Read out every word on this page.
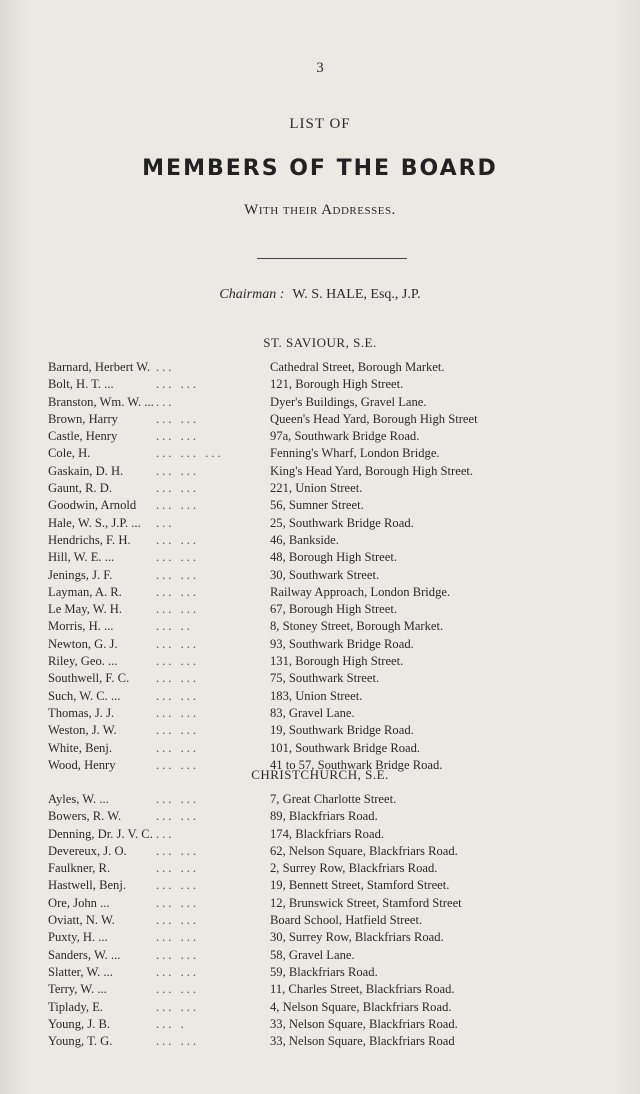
3
LIST OF
MEMBERS OF THE BOARD
With their Addresses.
Chairman : W. S. HALE, Esq., J.P.
ST. SAVIOUR, S.E.
Barnard, Herbert W. ...	Cathedral Street, Borough Market.
Bolt, H. T. ...	... ...	121, Borough High Street.
Branston, Wm. W. ... ...	Dyer's Buildings, Gravel Lane.
Brown, Harry	... ...	Queen's Head Yard, Borough High Street
Castle, Henry	... ...	97a, Southwark Bridge Road.
Cole, H.	... ... ...	Fenning's Wharf, London Bridge.
Gaskain, D. H.	... ...	King's Head Yard, Borough High Street.
Gaunt, R. D.	... ...	221, Union Street.
Goodwin, Arnold ... ...	56, Sumner Street.
Hale, W. S., J.P. ... ...	25, Southwark Bridge Road.
Hendrichs, F. H. ... ...	46, Bankside.
Hill, W. E. ...	... ...	48, Borough High Street.
Jenings, J. F.	... ...	30, Southwark Street.
Layman, A. R.	... ...	Railway Approach, London Bridge.
Le May, W. H.	... ...	67, Borough High Street.
Morris, H. ...	... ..	8, Stoney Street, Borough Market.
Newton, G. J.	... ...	93, Southwark Bridge Road.
Riley, Geo. ...	... ...	131, Borough High Street.
Southwell, F. C. ... ...	75, Southwark Street.
Such, W. C. ...	... ...	183, Union Street.
Thomas, J. J.	... ...	83, Gravel Lane.
Weston, J. W.	... ...	19, Southwark Bridge Road.
White, Benj.	... ...	101, Southwark Bridge Road.
Wood, Henry	... ...	41 to 57, Southwark Bridge Road.
CHRISTCHURCH, S.E.
Ayles, W. ...	... ...	7, Great Charlotte Street.
Bowers, R. W.	... ...	89, Blackfriars Road.
Denning, Dr. J. V. C. ...	174, Blackfriars Road.
Devereux, J. O. ... ...	62, Nelson Square, Blackfriars Road.
Faulkner, R.	... ...	2, Surrey Row, Blackfriars Road.
Hastwell, Benj. ... ...	19, Bennett Street, Stamford Street.
Ore, John ...	... ...	12, Brunswick Street, Stamford Street
Oviatt, N. W.	... ...	Board School, Hatfield Street.
Puxty, H. ...	... ...	30, Surrey Row, Blackfriars Road.
Sanders, W. ...	... ...	58, Gravel Lane.
Slatter, W. ...	... ...	59, Blackfriars Road.
Terry, W. ...	... ...	11, Charles Street, Blackfriars Road.
Tiplady, E.	... ...	4, Nelson Square, Blackfriars Road.
Young, J. B.	... .	33, Nelson Square, Blackfriars Road.
Young, T. G.	... ...	33, Nelson Square, Blackfriars Road
